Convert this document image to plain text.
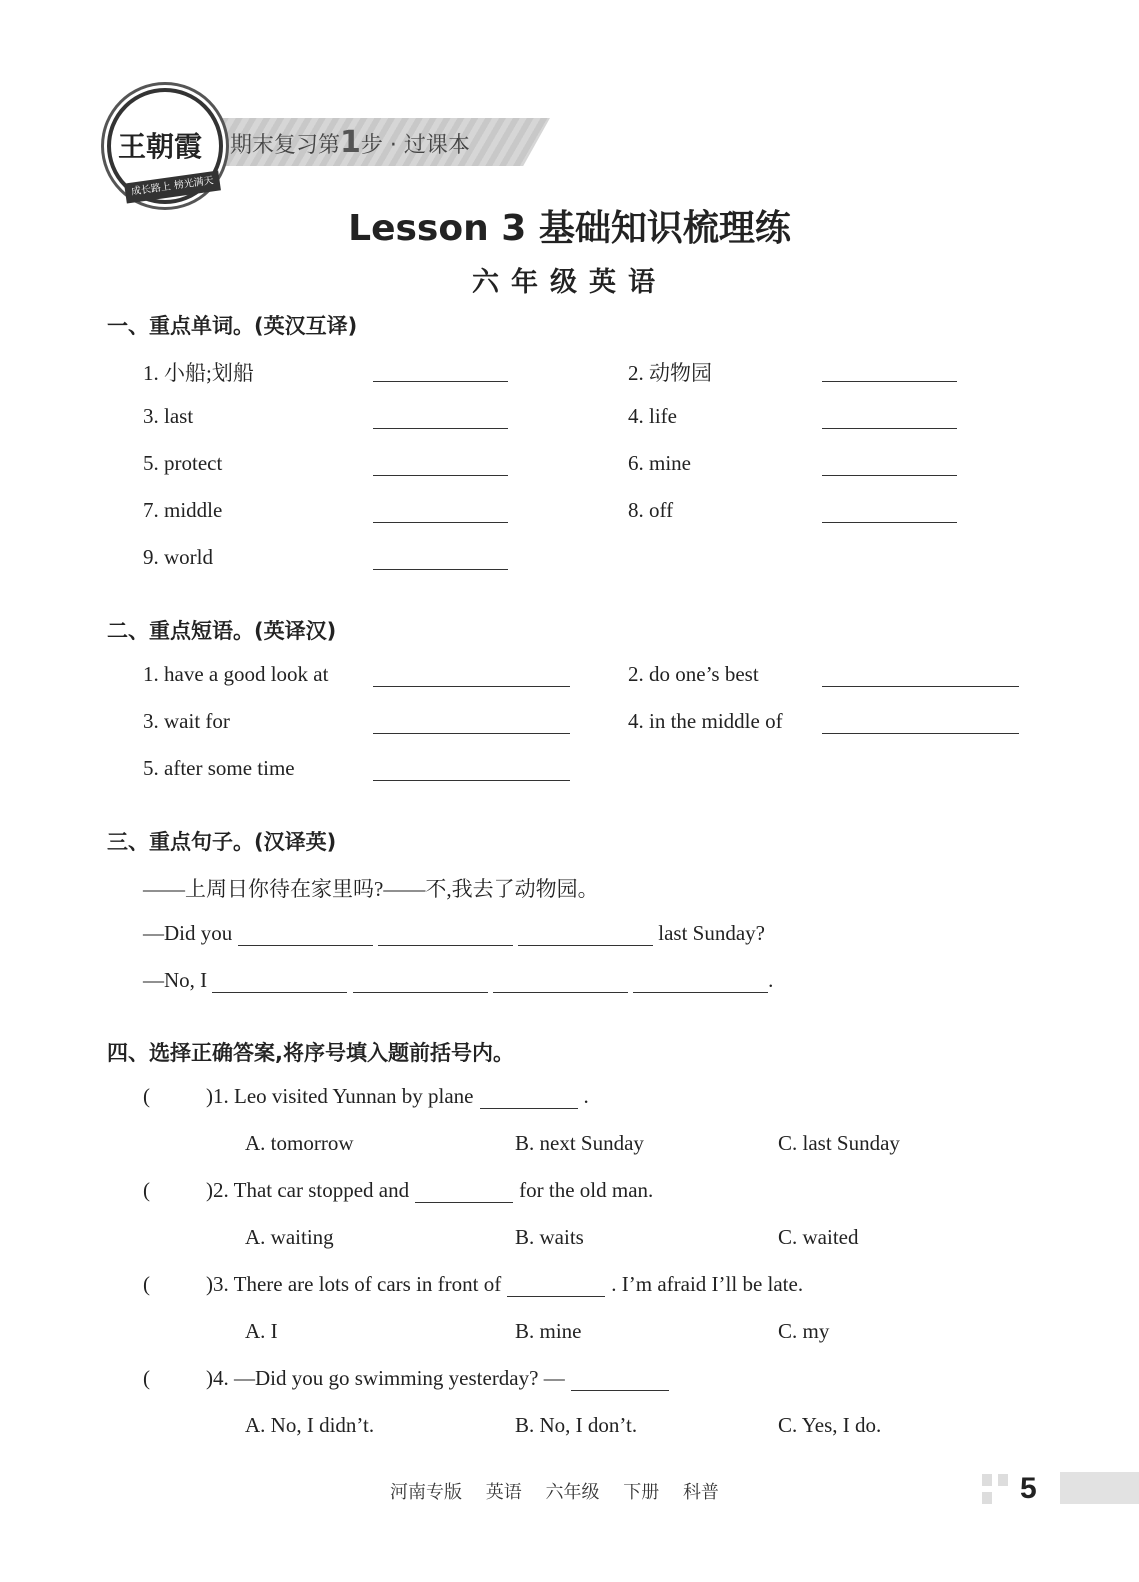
期末复习第1步 · 过课本
王朝霞
成长路上 榜光满天
Lesson 3 基础知识梳理练
六年级英语
一、重点单词。(英汉互译)
二、重点短语。(英译汉)
三、重点句子。(汉译英)
——上周日你待在家里吗?——不,我去了动物园。
—Did you	last Sunday?
—No, I	.
四、选择正确答案,将序号填入题前括号内。
河南专版 英语 六年级 下册 科普	5
1. 小船;划船	2. 动物园
3. last	4. life
5. protect	6. mine
7. middle	8. off
9. world
1. have a good look at	2. do one’s best
3. wait for	4. in the middle of
5. after some time
(	)1. Leo visited Yunnan by plane	.
A. tomorrow	B. next Sunday	C. last Sunday
(	)2. That car stopped and	for the old man.
A. waiting	B. waits	C. waited
(	)3. There are lots of cars in front of	. I’m afraid I’ll be late.
A. I	B. mine	C. my
(	)4. —Did you go swimming yesterday? —
A. No, I didn’t.	B. No, I don’t.	C. Yes, I do.
